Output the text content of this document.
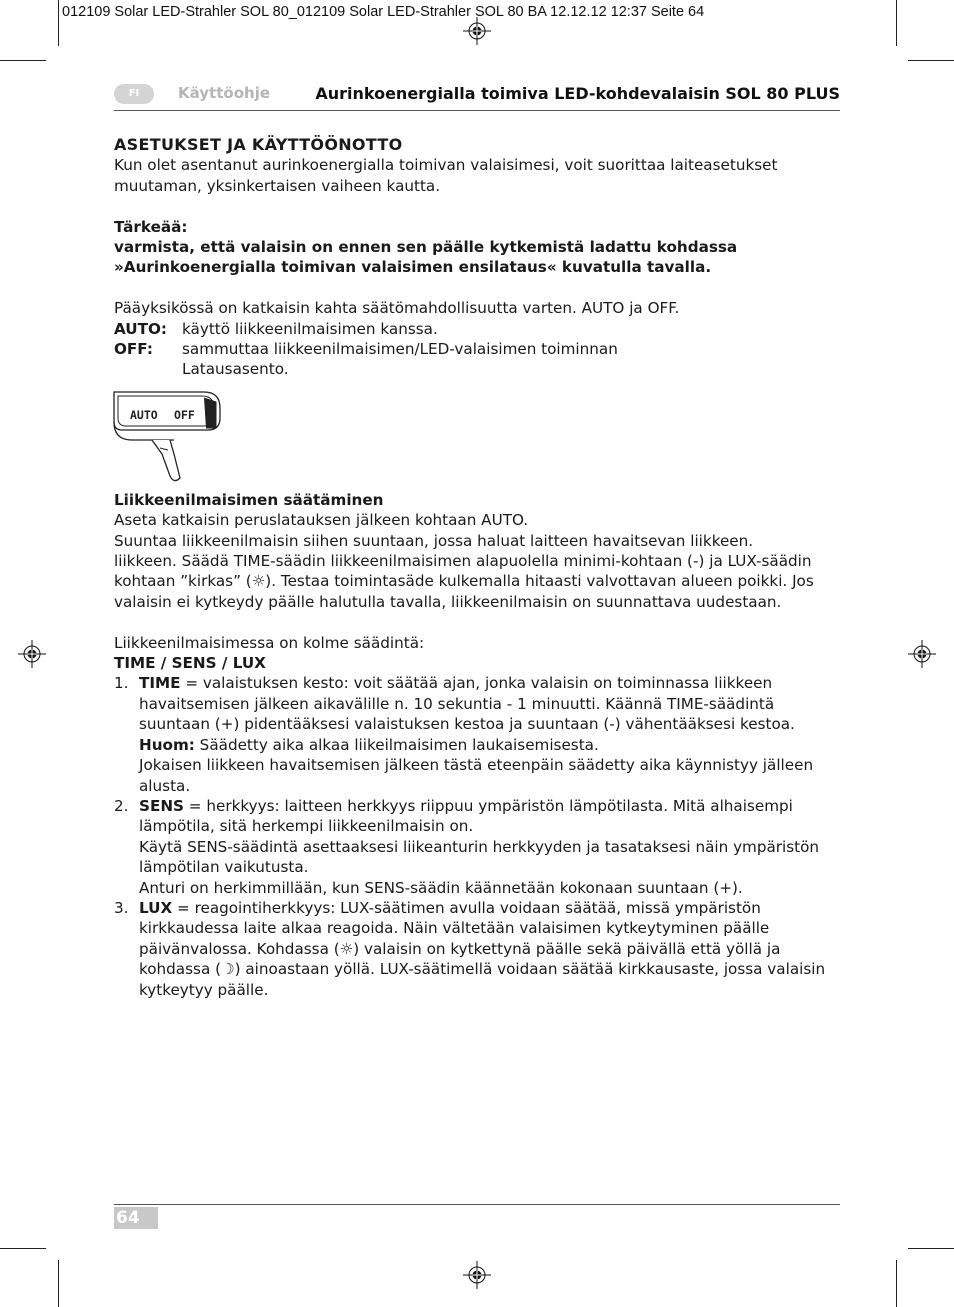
012109 Solar LED-Strahler SOL 80_012109 Solar LED-Strahler SOL 80 BA 12.12.12 12:37 Seite 64
FI	Käyttöohje	Aurinkoenergialla toimiva LED-kohdevalaisin SOL 80 PLUS

ASETUKSET JA KÄYTTÖÖNOTTO

Kun olet asentanut aurinkoenergialla toimivan valaisimesi, voit suorittaa laiteasetukset muutaman, yksinkertaisen vaiheen kautta.

Tärkeää:

varmista, että valaisin on ennen sen päälle kytkemistä ladattu kohdassa

»Aurinkoenergialla toimivan valaisimen ensilataus« kuvatulla tavalla.

Pääyksikössä on katkaisin kahta säätömahdollisuutta varten. AUTO ja OFF.

AUTO: käyttö liikkeenilmaisimen kanssa.
OFF:	sammuttaa liikkeenilmaisimen/LED-valaisimen toiminnan
Latausasento.
AUTO OFF

Liikkeenilmaisimen säätäminen

Aseta katkaisin peruslatauksen jälkeen kohtaan AUTO.

Suuntaa liikkeenilmaisin siihen suuntaan, jossa haluat laitteen havaitsevan liikkeen.

liikkeen. Säädä TIME-säädin liikkeenilmaisimen alapuolella minimi-kohtaan (-) ja LUX-säädin kohtaan ”kirkas” (☼). Testaa toimintasäde kulkemalla hitaasti valvottavan alueen poikki. Jos valaisin ei kytkeydy päälle halutulla tavalla, liikkeenilmaisin on suunnattava uudestaan.

Liikkeenilmaisimessa on kolme säädintä:

TIME / SENS / LUX

1. TIME = valaistuksen kesto: voit säätää ajan, jonka valaisin on toiminnassa liikkeen havaitsemisen jälkeen aikavälille n. 10 sekuntia - 1 minuutti. Käännä TIME-säädintä suuntaan (+) pidentääksesi valaistuksen kestoa ja suuntaan (-) vähentääksesi kestoa.
Huom: Säädetty aika alkaa liikeilmaisimen laukaisemisesta.
Jokaisen liikkeen havaitsemisen jälkeen tästä eteenpäin säädetty aika käynnistyy jälleen alusta.
2. SENS = herkkyys: laitteen herkkyys riippuu ympäristön lämpötilasta. Mitä alhaisempi lämpötila, sitä herkempi liikkeenilmaisin on.
Käytä SENS-säädintä asettaaksesi liikeanturin herkkyyden ja tasataksesi näin ympäristön lämpötilan vaikutusta.
Anturi on herkimmillään, kun SENS-säädin käännetään kokonaan suuntaan (+).
3. LUX = reagointiherkkyys: LUX-säätimen avulla voidaan säätää, missä ympäristön kirkkaudessa laite alkaa reagoida. Näin vältetään valaisimen kytkeytyminen päälle päivänvalossa. Kohdassa (☼) valaisin on kytkettynä päälle sekä päivällä että yöllä ja kohdassa (☽) ainoastaan yöllä. LUX-säätimellä voidaan säätää kirkkausaste, jossa valaisin kytkeytyy päälle.
64
